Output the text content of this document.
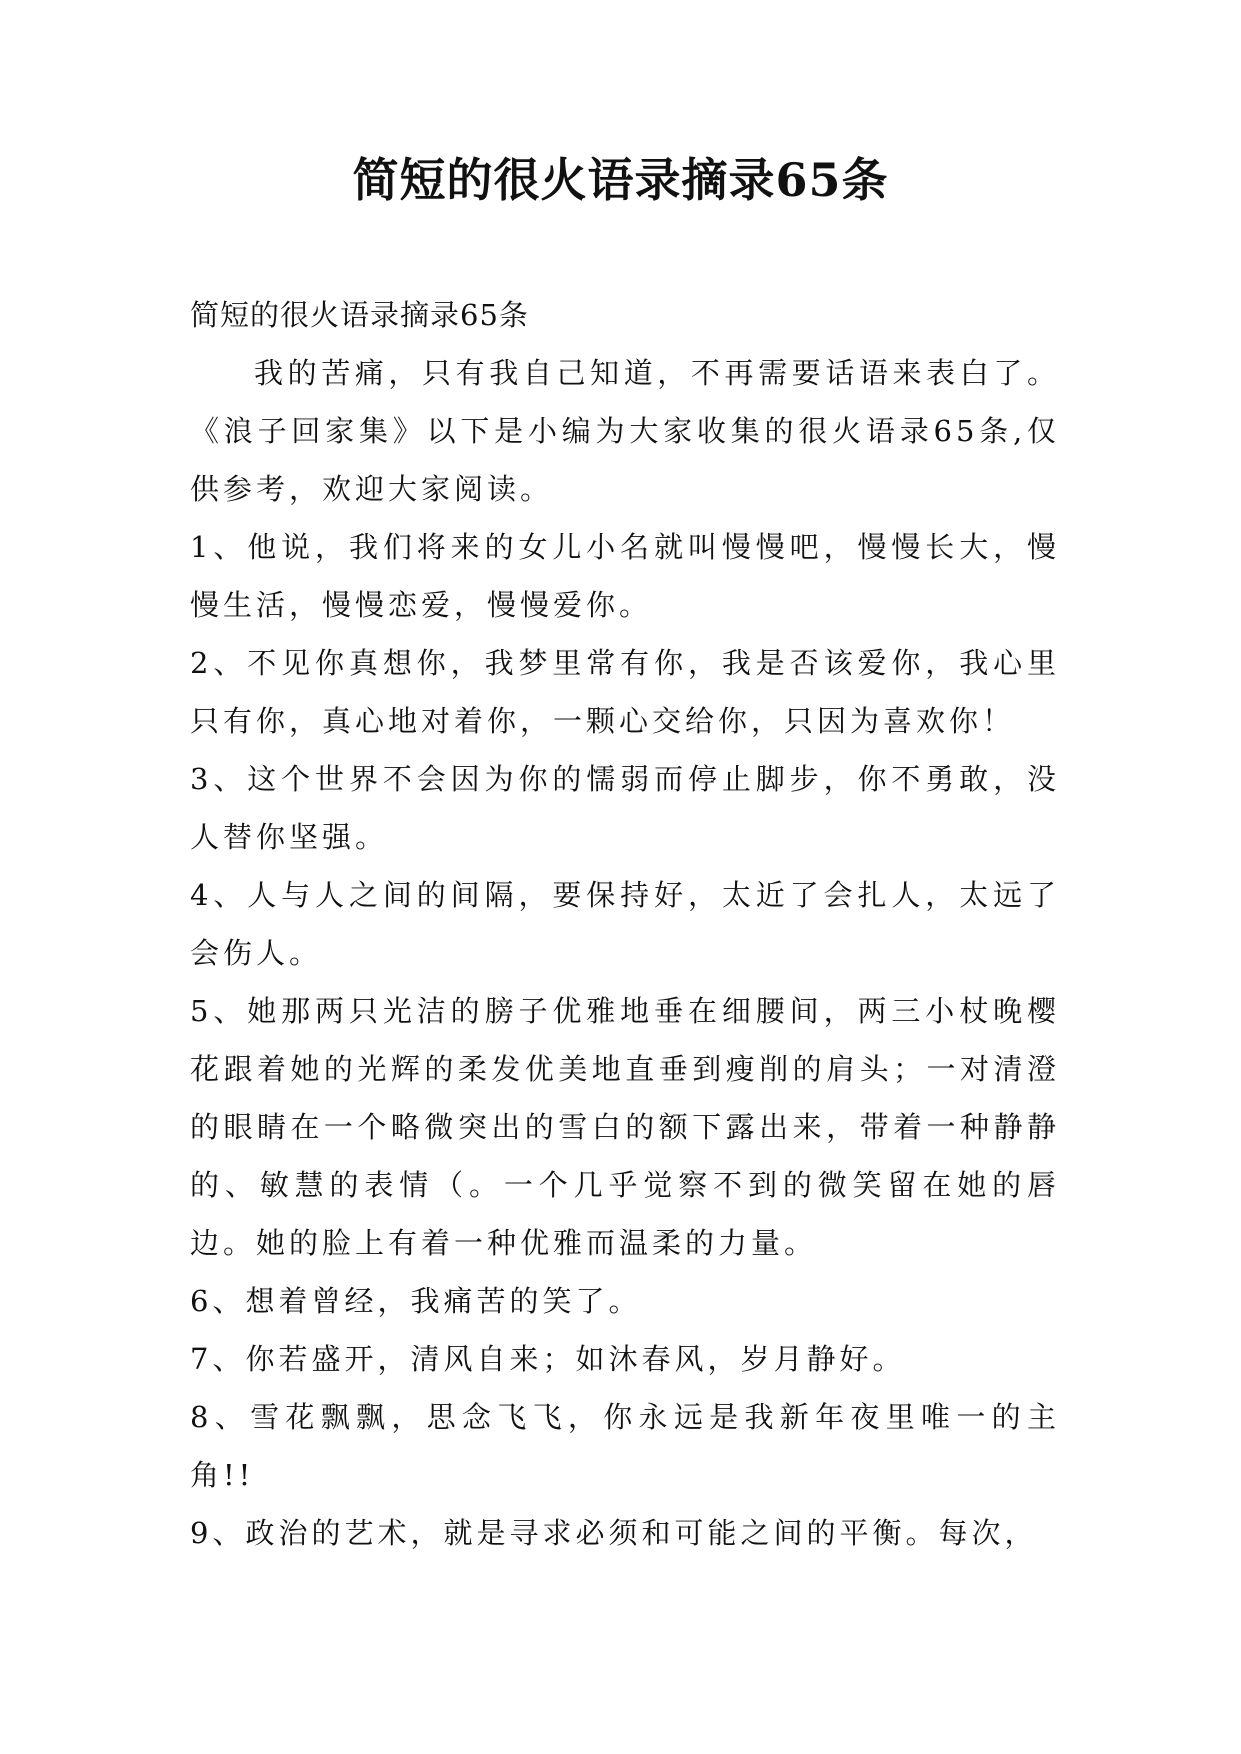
简短的很火语录摘录65条

简短的很火语录摘录65条

我的苦痛，只有我自己知道，不再需要话语来表白了。《浪子回家集》以下是小编为大家收集的很火语录65条,仅供参考，欢迎大家阅读。

1、他说，我们将来的女儿小名就叫慢慢吧，慢慢长大，慢慢生活，慢慢恋爱，慢慢爱你。

2、不见你真想你，我梦里常有你，我是否该爱你，我心里只有你，真心地对着你，一颗心交给你，只因为喜欢你！

3、这个世界不会因为你的懦弱而停止脚步，你不勇敢，没人替你坚强。

4、人与人之间的间隔，要保持好，太近了会扎人，太远了会伤人。

5、她那两只光洁的膀子优雅地垂在细腰间，两三小杖晚樱花跟着她的光辉的柔发优美地直垂到瘦削的肩头；一对清澄的眼睛在一个略微突出的雪白的额下露出来，带着一种静静的、敏慧的表情（。一个几乎觉察不到的微笑留在她的唇边。她的脸上有着一种优雅而温柔的力量。

6、想着曾经，我痛苦的笑了。

7、你若盛开，清风自来；如沐春风，岁月静好。

8、雪花飘飘，思念飞飞，你永远是我新年夜里唯一的主角!!

9、政治的艺术，就是寻求必须和可能之间的平衡。每次，
